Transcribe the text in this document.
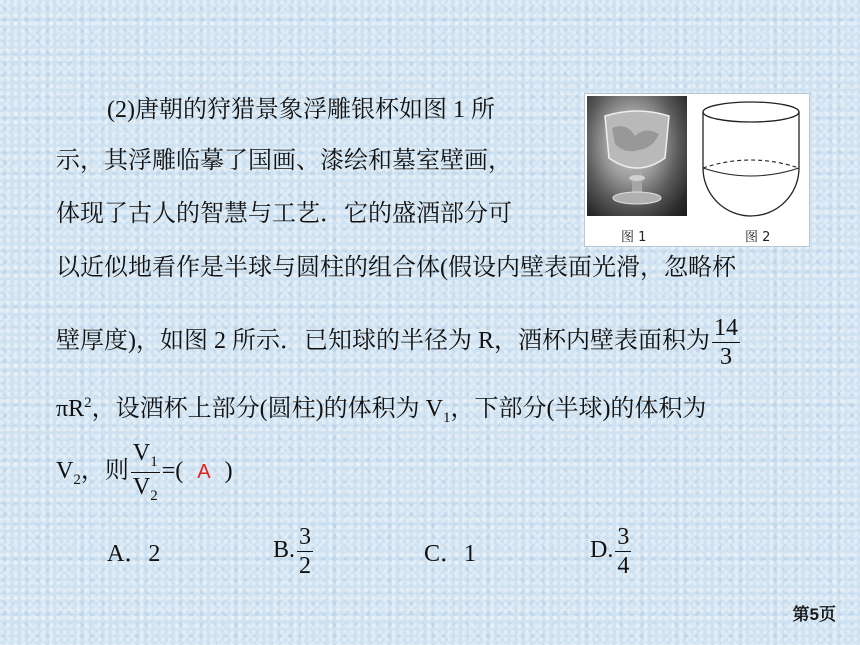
(2)唐朝的狩猎景象浮雕银杯如图 1 所
示，其浮雕临摹了国画、漆绘和墓室壁画，
体现了古人的智慧与工艺．它的盛酒部分可
以近似地看作是半球与圆柱的组合体(假设内壁表面光滑，忽略杯
壁厚度)，如图 2 所示．已知球的半径为 R，酒杯内壁表面积为 $\frac{14}{3}$
$\pi R^2$，设酒杯上部分(圆柱)的体积为 $V_1$，下部分(半球)的体积为
$V_2$，则 $\frac{V_1}{V_2}$ =( A )
A．2	B. $\frac{3}{2}$	C．1	D. $\frac{3}{4}$
图 1	图 2
第5页
